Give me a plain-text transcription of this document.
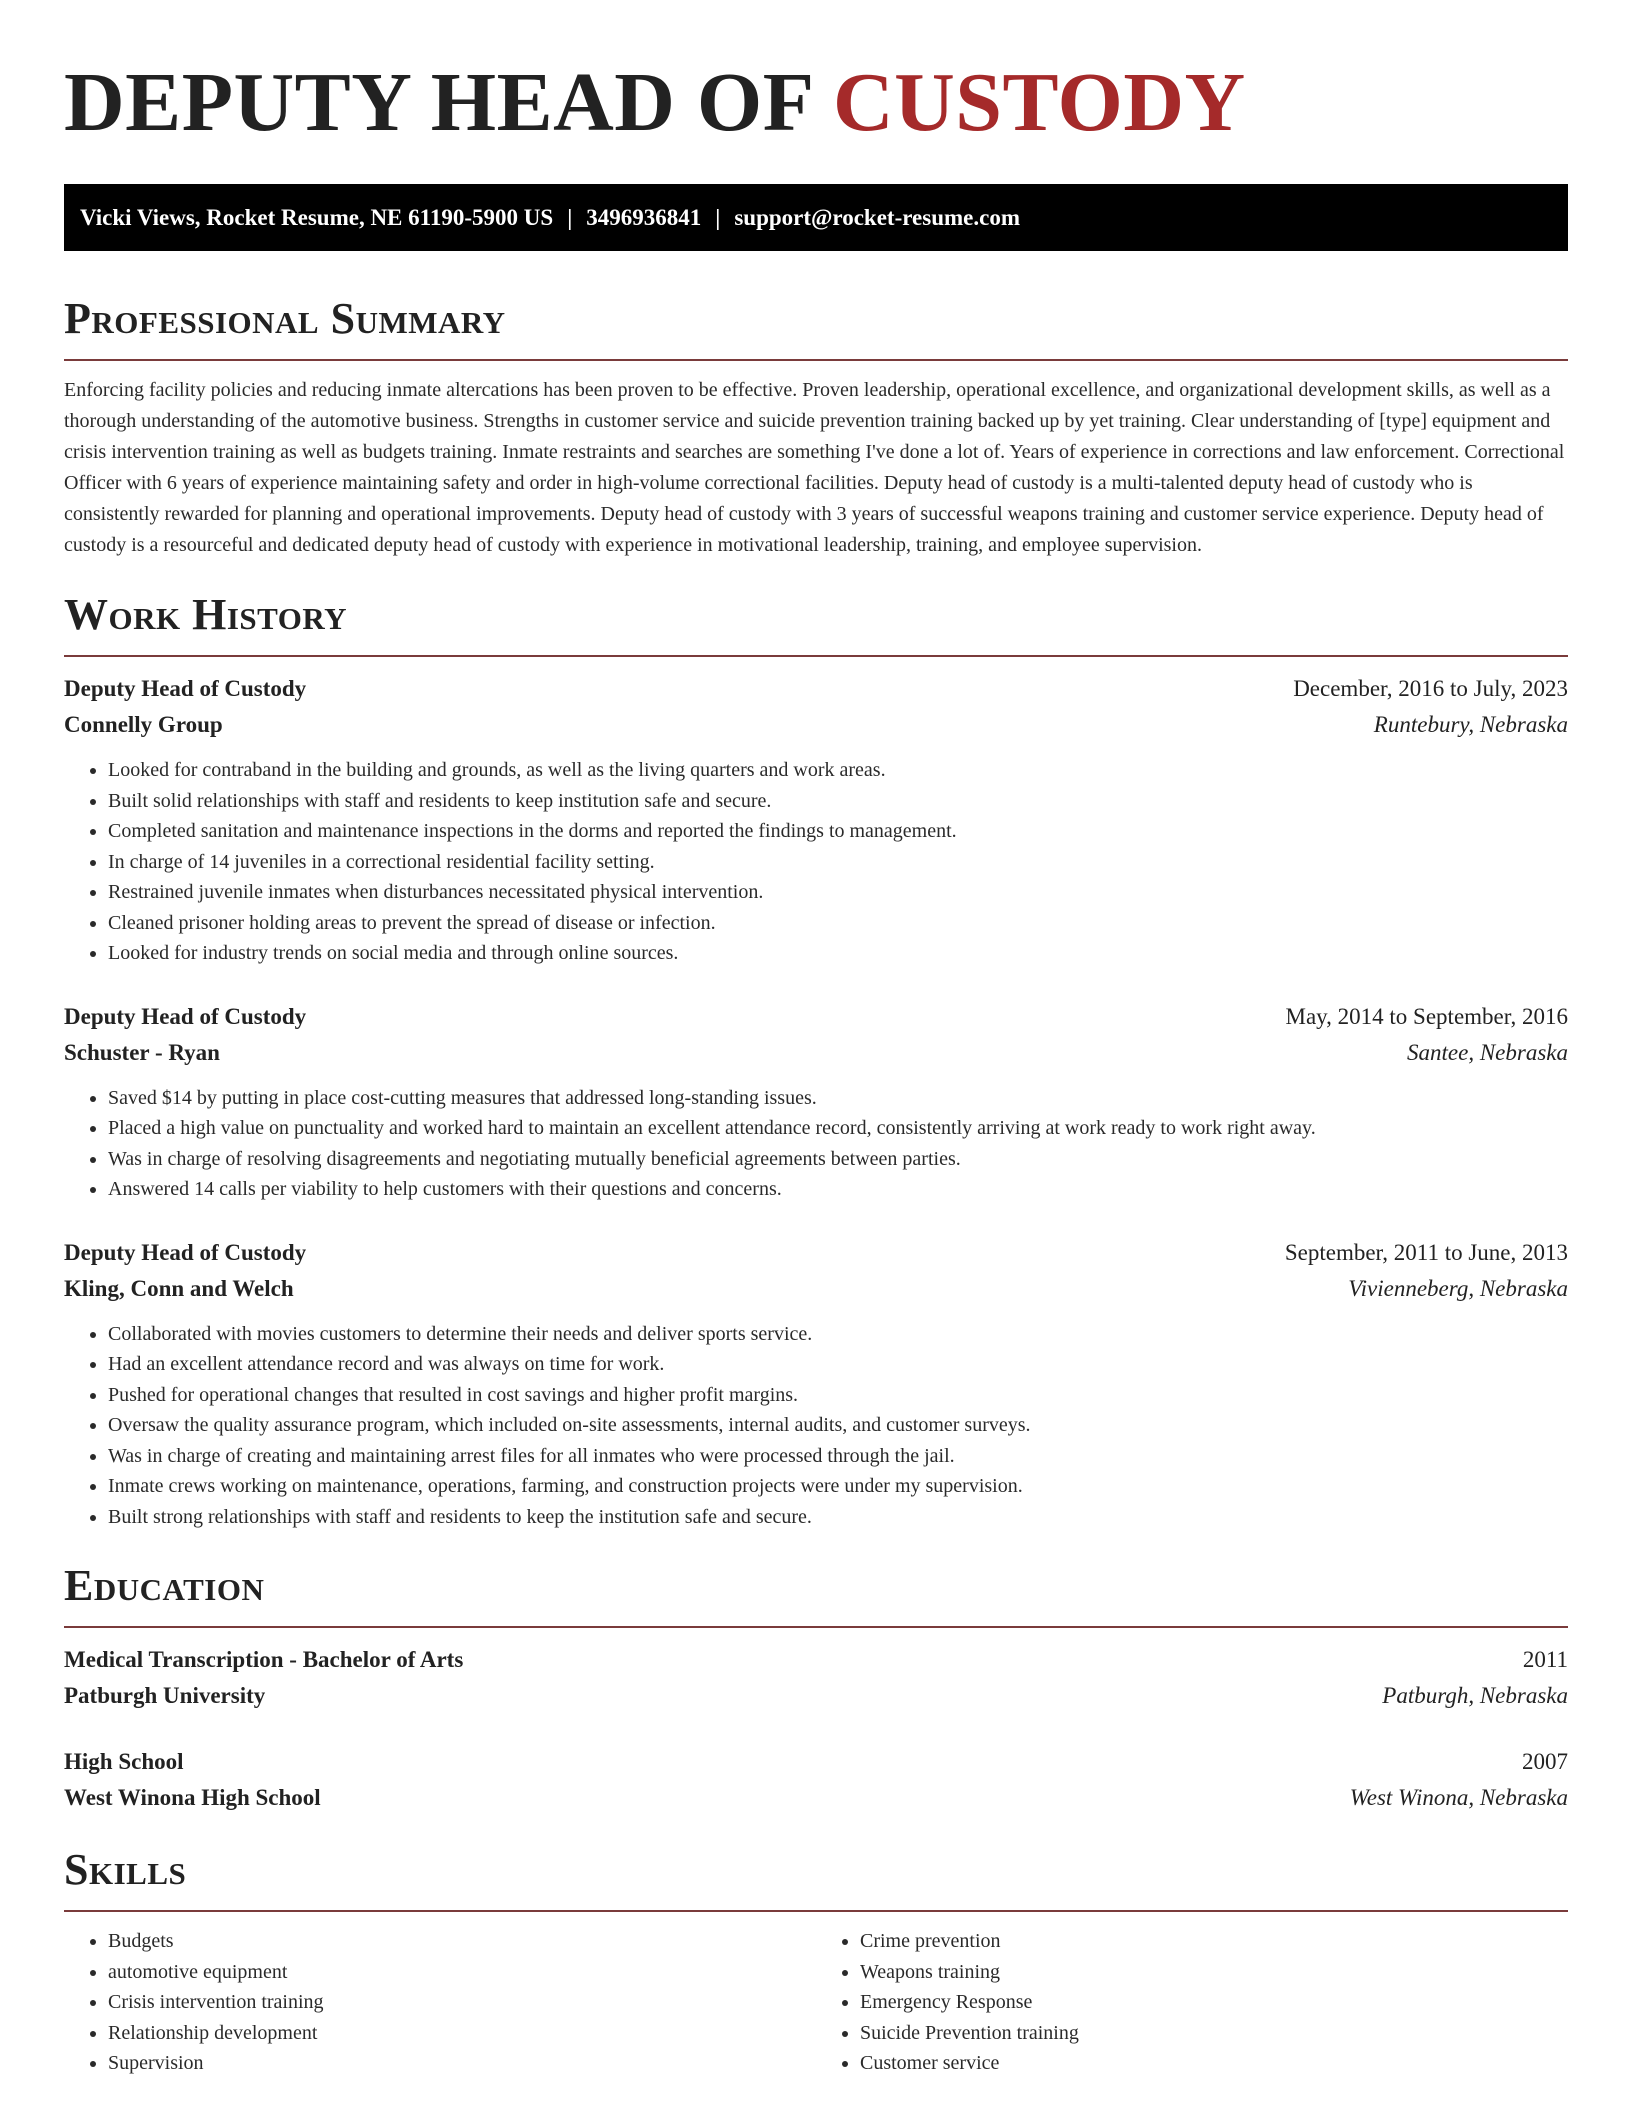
DEPUTY HEAD OF CUSTODY
Vicki Views, Rocket Resume, NE 61190-5900 US | 3496936841 | support@rocket-resume.com
Professional Summary

Enforcing facility policies and reducing inmate altercations has been proven to be effective. Proven leadership, operational excellence, and organizational development skills, as well as a thorough understanding of the automotive business. Strengths in customer service and suicide prevention training backed up by yet training. Clear understanding of [type] equipment and crisis intervention training as well as budgets training. Inmate restraints and searches are something I've done a lot of. Years of experience in corrections and law enforcement. Correctional Officer with 6 years of experience maintaining safety and order in high-volume correctional facilities. Deputy head of custody is a multi-talented deputy head of custody who is consistently rewarded for planning and operational improvements. Deputy head of custody with 3 years of successful weapons training and customer service experience. Deputy head of custody is a resourceful and dedicated deputy head of custody with experience in motivational leadership, training, and employee supervision.

Work History
Deputy Head of Custody	December, 2016 to July, 2023
Connelly Group	Runtebury, Nebraska
• Looked for contraband in the building and grounds, as well as the living quarters and work areas.
• Built solid relationships with staff and residents to keep institution safe and secure.
• Completed sanitation and maintenance inspections in the dorms and reported the findings to management.
• In charge of 14 juveniles in a correctional residential facility setting.
• Restrained juvenile inmates when disturbances necessitated physical intervention.
• Cleaned prisoner holding areas to prevent the spread of disease or infection.
• Looked for industry trends on social media and through online sources.
Deputy Head of Custody	May, 2014 to September, 2016
Schuster - Ryan	Santee, Nebraska
• Saved $14 by putting in place cost-cutting measures that addressed long-standing issues.
• Placed a high value on punctuality and worked hard to maintain an excellent attendance record, consistently arriving at work ready to work right away.
• Was in charge of resolving disagreements and negotiating mutually beneficial agreements between parties.
• Answered 14 calls per viability to help customers with their questions and concerns.
Deputy Head of Custody	September, 2011 to June, 2013
Kling, Conn and Welch	Vivienneberg, Nebraska
• Collaborated with movies customers to determine their needs and deliver sports service.
• Had an excellent attendance record and was always on time for work.
• Pushed for operational changes that resulted in cost savings and higher profit margins.
• Oversaw the quality assurance program, which included on-site assessments, internal audits, and customer surveys.
• Was in charge of creating and maintaining arrest files for all inmates who were processed through the jail.
• Inmate crews working on maintenance, operations, farming, and construction projects were under my supervision.
• Built strong relationships with staff and residents to keep the institution safe and secure.
Education
Medical Transcription - Bachelor of Arts	2011
Patburgh University	Patburgh, Nebraska
High School	2007
West Winona High School	West Winona, Nebraska
Skills
• Budgets
• automotive equipment
• Crisis intervention training
• Relationship development
• Supervision
• Crime prevention
• Weapons training
• Emergency Response
• Suicide Prevention training
• Customer service
